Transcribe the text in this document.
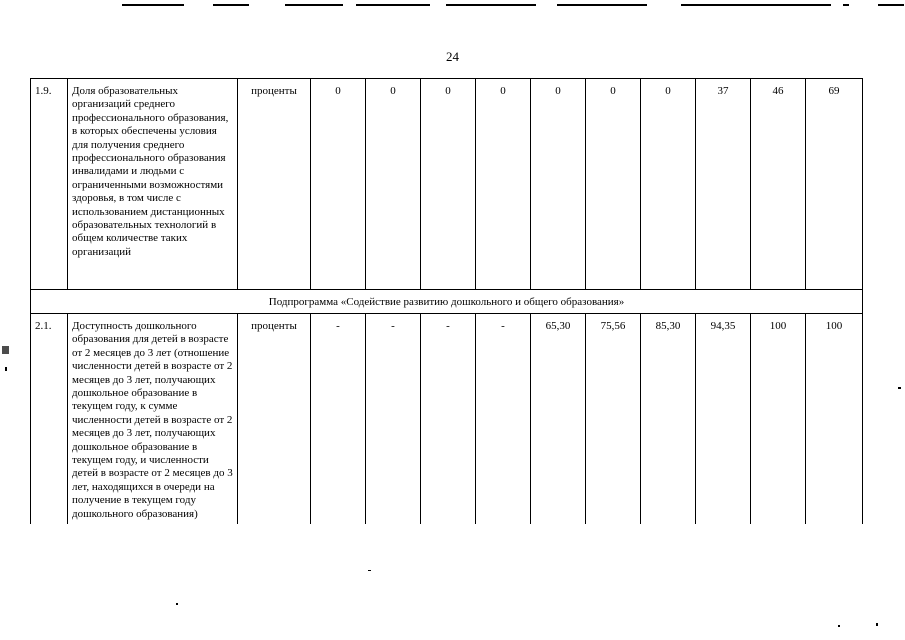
24
1.9.	Доля образовательных организаций среднего профессионального образования, в которых обеспечены условия для получения среднего профессионального образования инвалидами и людьми с ограниченными возможностями здоровья, в том числе с использованием дистанционных образовательных технологий в общем количестве таких организаций	проценты	0	0	0	0	0	0	0	37	46	69
Подпрограмма «Содействие развитию дошкольного и общего образования»												
2.1.	Доступность дошкольного образования для детей в возрасте от 2 месяцев до 3 лет (отношение численности детей в возрасте от 2 месяцев до 3 лет, получающих дошкольное образование в текущем году, к сумме численности детей в возрасте от 2 месяцев до 3 лет, получающих дошкольное образование в текущем году, и численности детей в возрасте от 2 месяцев до 3 лет, находящихся в очереди на получение в текущем году дошкольного образования)	проценты	-	-	-	-	65,30	75,56	85,30	94,35	100	100
